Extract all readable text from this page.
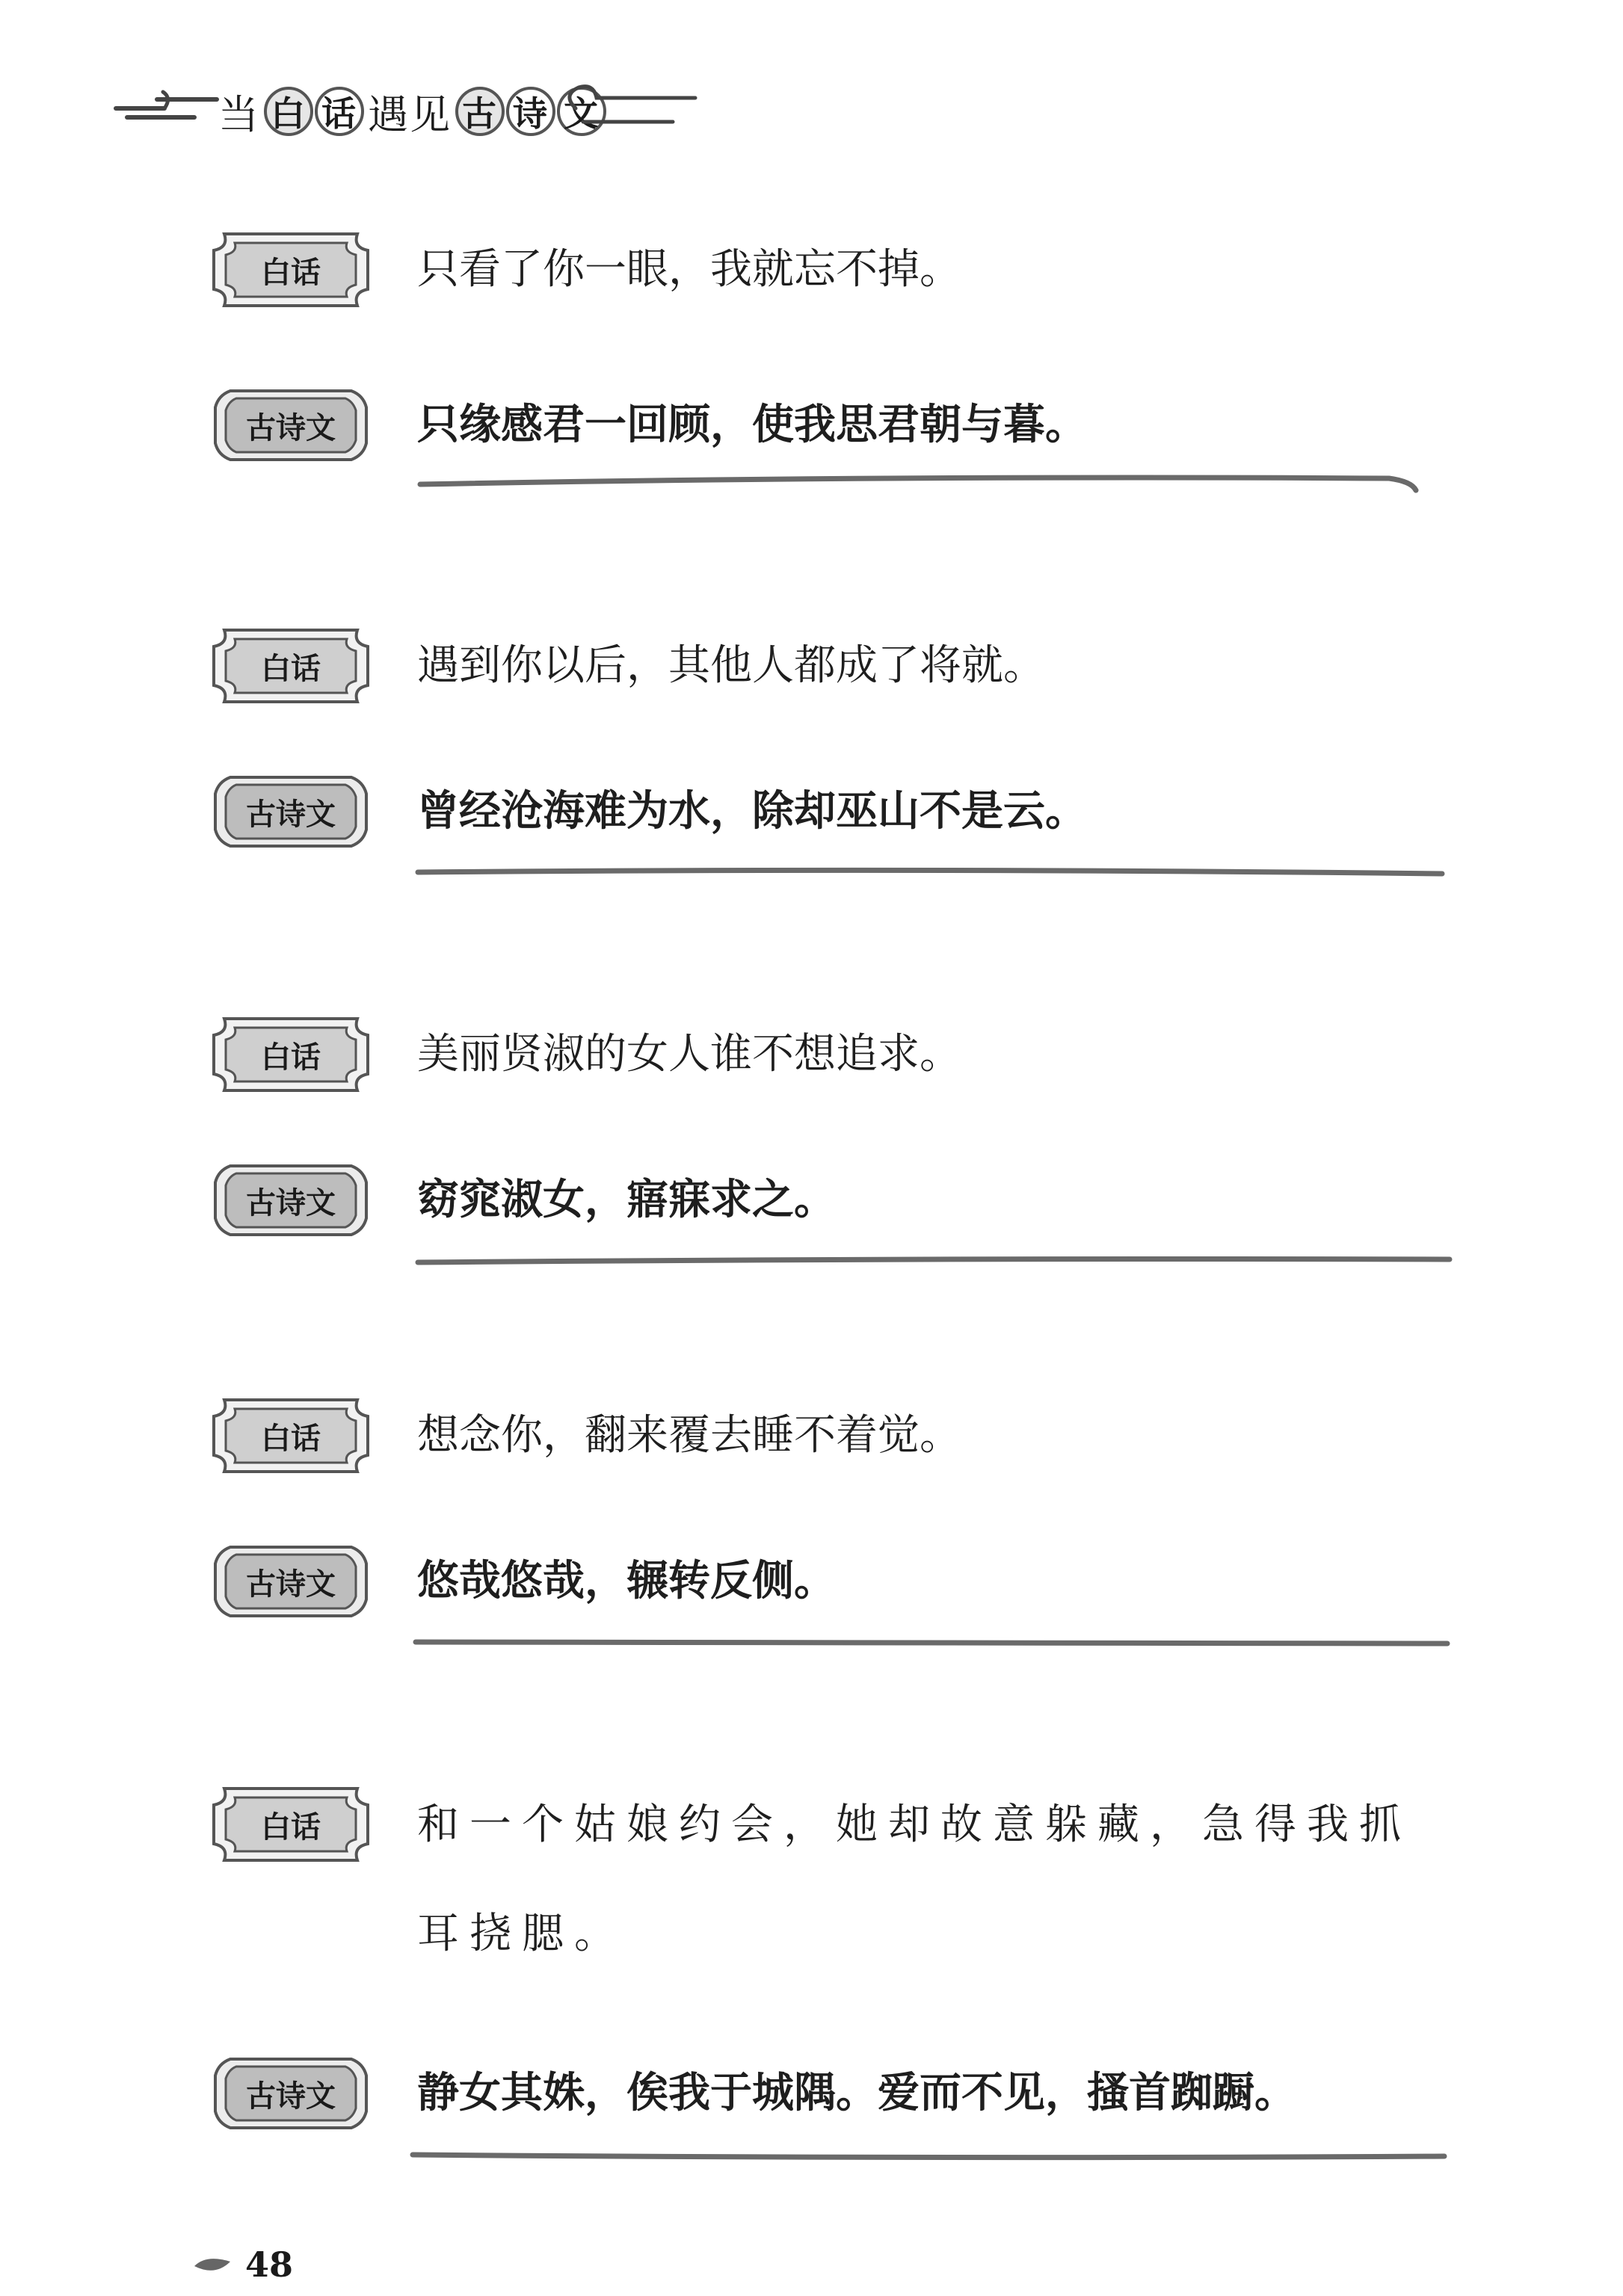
当 白 话 遇见 古 诗 文
白话	只看了你一眼，我就忘不掉。
古诗文	只缘感君一回顾，使我思君朝与暮。
白话	遇到你以后，其他人都成了将就。
古诗文	曾经沧海难为水，除却巫山不是云。
白话	美丽贤淑的女人谁不想追求。
古诗文	窈窕淑女，寤寐求之。
白话	想念你，翻来覆去睡不着觉。
古诗文	悠哉悠哉，辗转反侧。
白话	和一个姑娘约会，她却故意躲藏，急得我抓耳挠腮。
古诗文	静女其姝，俟我于城隅。爱而不见，搔首踟蹰。
48
